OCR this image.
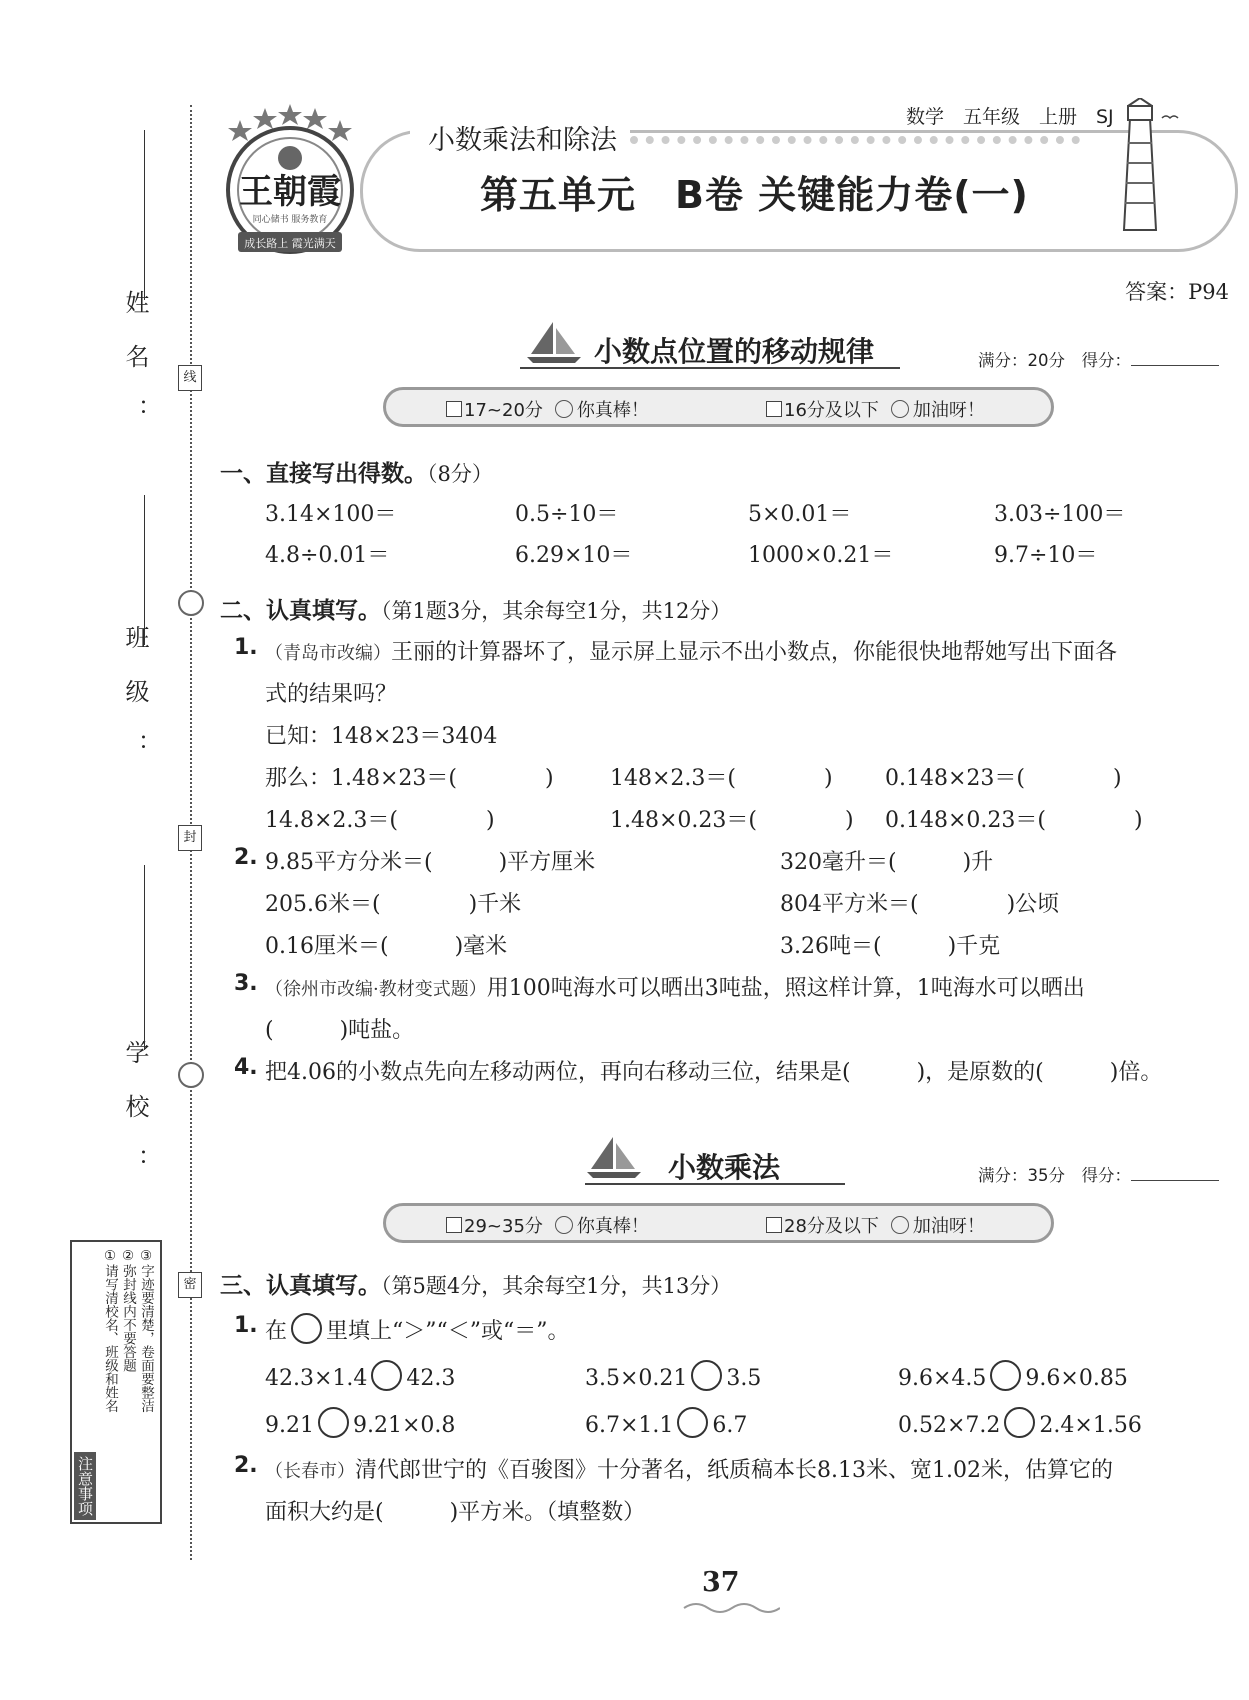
姓名：
班级：
学校：
线
封
密
注意事项
①请写清校名、班级和姓名 ②弥封线内不要答题 ③字迹要清楚，卷面要整洁
王朝霞
同心储书 服务教育
成长路上 霞光满天
小数乘法和除法
第五单元　B卷 关键能力卷(一)
数学　五年级　上册　SJ
答案：P94
小数点位置的移动规律	满分：20分　得分：
17~20分 你真棒！	16分及以下 加油呀！
一、直接写出得数。（8分）
3.14×100＝	0.5÷10＝	5×0.01＝	3.03÷100＝
4.8÷0.01＝	6.29×10＝	1000×0.21＝	9.7÷10＝
二、认真填写。（第1题3分，其余每空1分，共12分）
1. （青岛市改编）王丽的计算器坏了，显示屏上显示不出小数点，你能很快地帮她写出下面各
式的结果吗？
已知：148×23＝3404
那么：1.48×23＝(　　　　)	148×2.3＝(　　　　) 0.148×23＝(　　　　)
14.8×2.3＝(　　　　)	1.48×0.23＝(　　　　) 0.148×0.23＝(　　　　)
2. 9.85平方分米＝(　　　)平方厘米	320毫升＝(　　　)升
205.6米＝(　　　　)千米	804平方米＝(　　　　)公顷
0.16厘米＝(　　　)毫米	3.26吨＝(　　　)千克
3. （徐州市改编·教材变式题）用100吨海水可以晒出3吨盐，照这样计算，1吨海水可以晒出
(　　　)吨盐。
4. 把4.06的小数点先向左移动两位，再向右移动三位，结果是(　　　)，是原数的(　　　)倍。
小数乘法	满分：35分　得分：
29~35分 你真棒！	28分及以下 加油呀！
三、认真填写。（第5题4分，其余每空1分，共13分）
1. 在 里填上“＞”“＜”或“＝”。
42.3×1.4 42.3	3.5×0.21 3.5	9.6×4.5 9.6×0.85
9.21 9.21×0.8	6.7×1.1 6.7	0.52×7.2 2.4×1.56
2. （长春市）清代郎世宁的《百骏图》十分著名，纸质稿本长8.13米、宽1.02米，估算它的
面积大约是(　　　)平方米。（填整数）
37
